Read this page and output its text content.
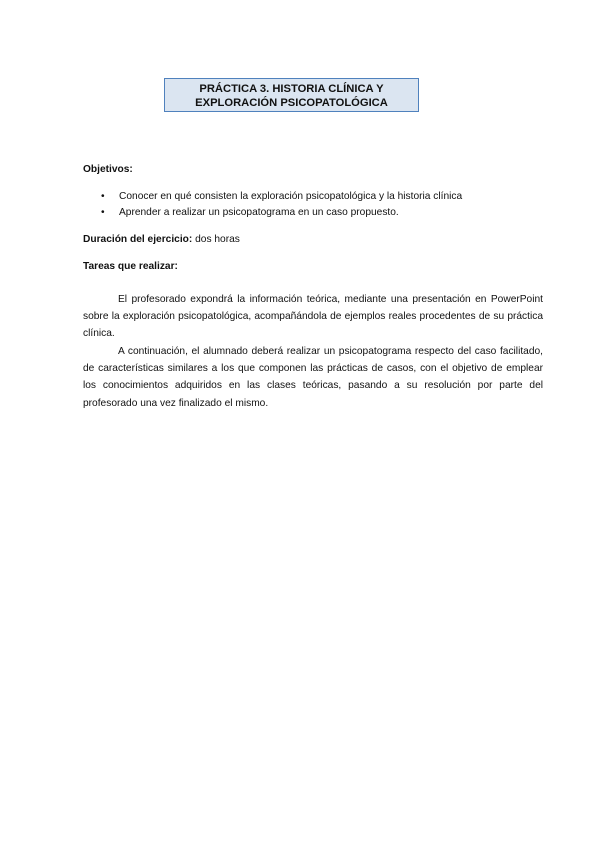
PRÁCTICA 3. HISTORIA CLÍNICA Y
EXPLORACIÓN PSICOPATOLÓGICA
Objetivos:
• Conocer en qué consisten la exploración psicopatológica y la historia clínica
• Aprender a realizar un psicopatograma en un caso propuesto.
Duración del ejercicio: dos horas
Tareas que realizar:

El profesorado expondrá la información teórica, mediante una presentación en PowerPoint sobre la exploración psicopatológica, acompañándola de ejemplos reales procedentes de su práctica clínica.

A continuación, el alumnado deberá realizar un psicopatograma respecto del caso facilitado, de características similares a los que componen las prácticas de casos, con el objetivo de emplear los conocimientos adquiridos en las clases teóricas, pasando a su resolución por parte del profesorado una vez finalizado el mismo.
